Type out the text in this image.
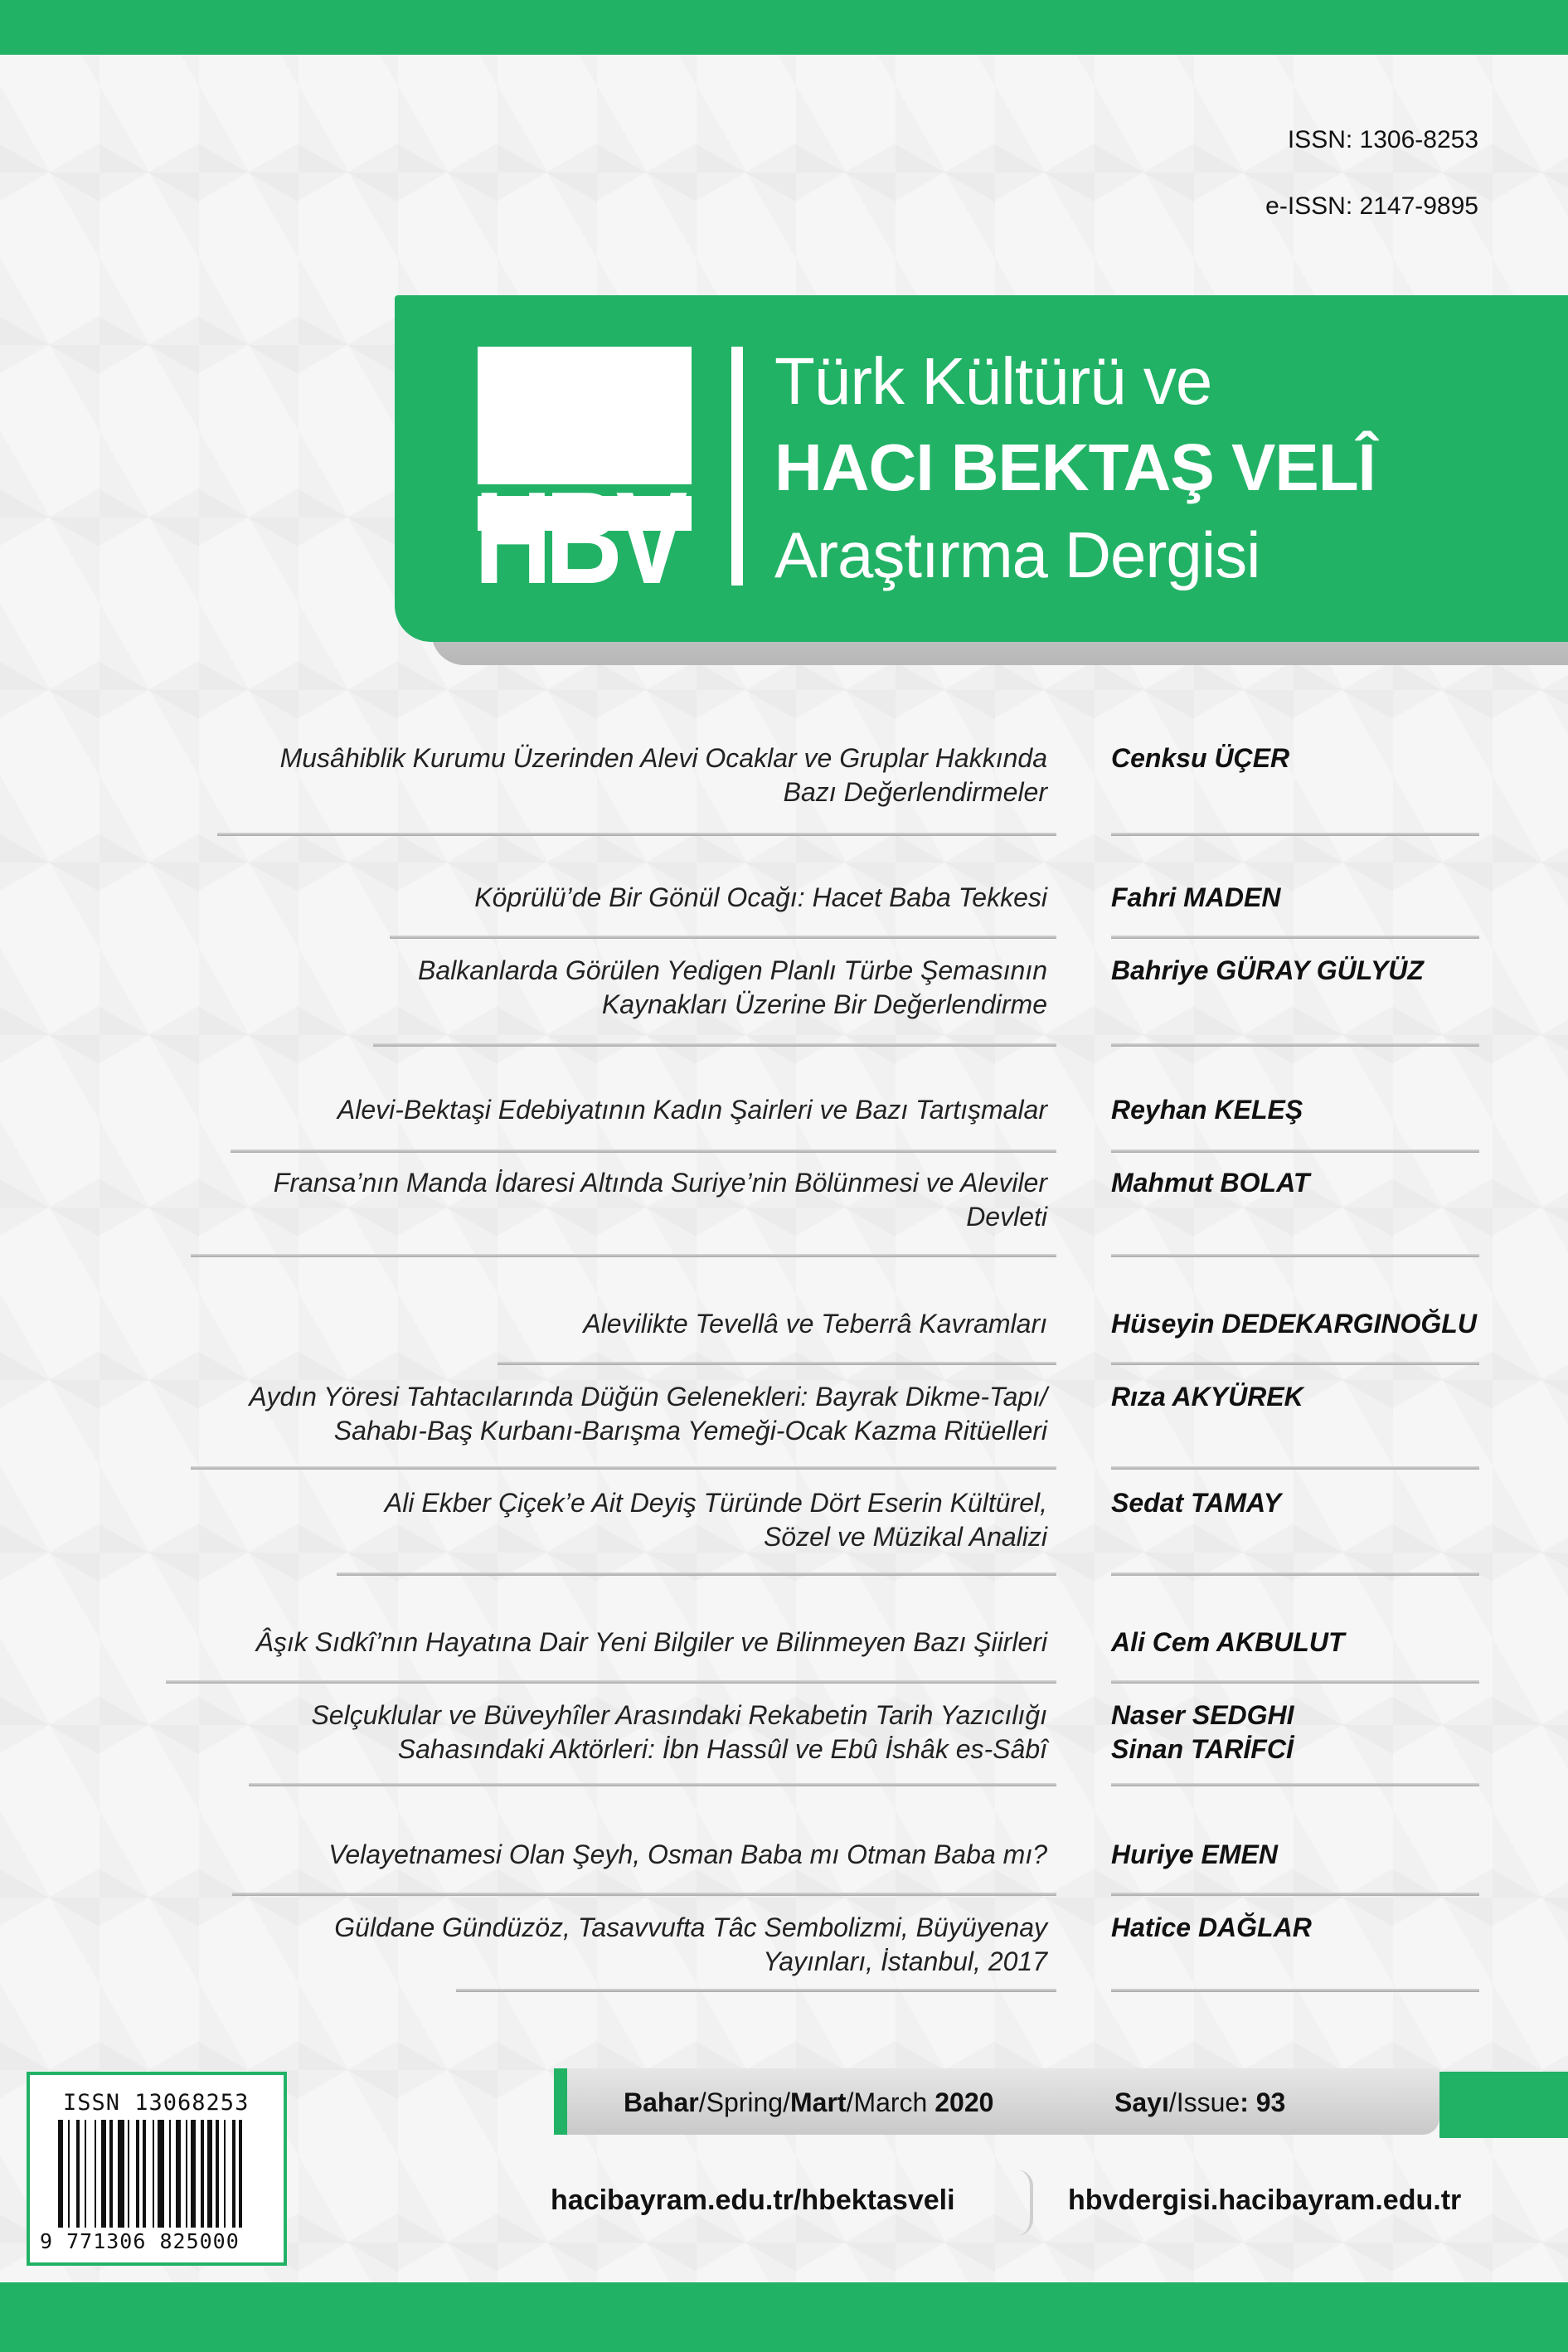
ISSN: 1306-8253
e-ISSN: 2147-9895
HBV
Türk Kültürü ve
HACI BEKTAŞ VELÎ
Araştırma Dergisi
Musâhiblik Kurumu Üzerinden Alevi Ocaklar ve Gruplar Hakkında
Bazı Değerlendirmeler
Cenksu ÜÇER
Köprülü’de Bir Gönül Ocağı: Hacet Baba Tekkesi Fahri MADEN
Balkanlarda Görülen Yedigen Planlı Türbe Şemasının
Kaynakları Üzerine Bir Değerlendirme
Bahriye GÜRAY GÜLYÜZ
Alevi-Bektaşi Edebiyatının Kadın Şairleri ve Bazı Tartışmalar Reyhan KELEŞ
Fransa’nın Manda İdaresi Altında Suriye’nin Bölünmesi ve Aleviler
Devleti
Mahmut BOLAT
Alevilikte Tevellâ ve Teberrâ Kavramları Hüseyin DEDEKARGINOĞLU
Aydın Yöresi Tahtacılarında Düğün Gelenekleri: Bayrak Dikme-Tapı/
Sahabı-Baş Kurbanı-Barışma Yemeği-Ocak Kazma Ritüelleri
Rıza AKYÜREK
Ali Ekber Çiçek’e Ait Deyiş Türünde Dört Eserin Kültürel,
Sözel ve Müzikal Analizi
Sedat TAMAY
Âşık Sıdkî’nın Hayatına Dair Yeni Bilgiler ve Bilinmeyen Bazı Şiirleri Ali Cem AKBULUT
Selçuklular ve Büveyhîler Arasındaki Rekabetin Tarih Yazıcılığı
Sahasındaki Aktörleri: İbn Hassûl ve Ebû İshâk es-Sâbî
Naser SEDGHI
Sinan TARİFCİ
Velayetnamesi Olan Şeyh, Osman Baba mı Otman Baba mı? Huriye EMEN
Güldane Gündüzöz, Tasavvufta Tâc Sembolizmi, Büyüyenay
Yayınları, İstanbul, 2017
Hatice DAĞLAR
ISSN 13068253
9 771306 825000
Bahar/Spring/Mart/March 2020	Sayı/Issue: 93
hacibayram.edu.tr/hbektasveli	hbvdergisi.hacibayram.edu.tr
